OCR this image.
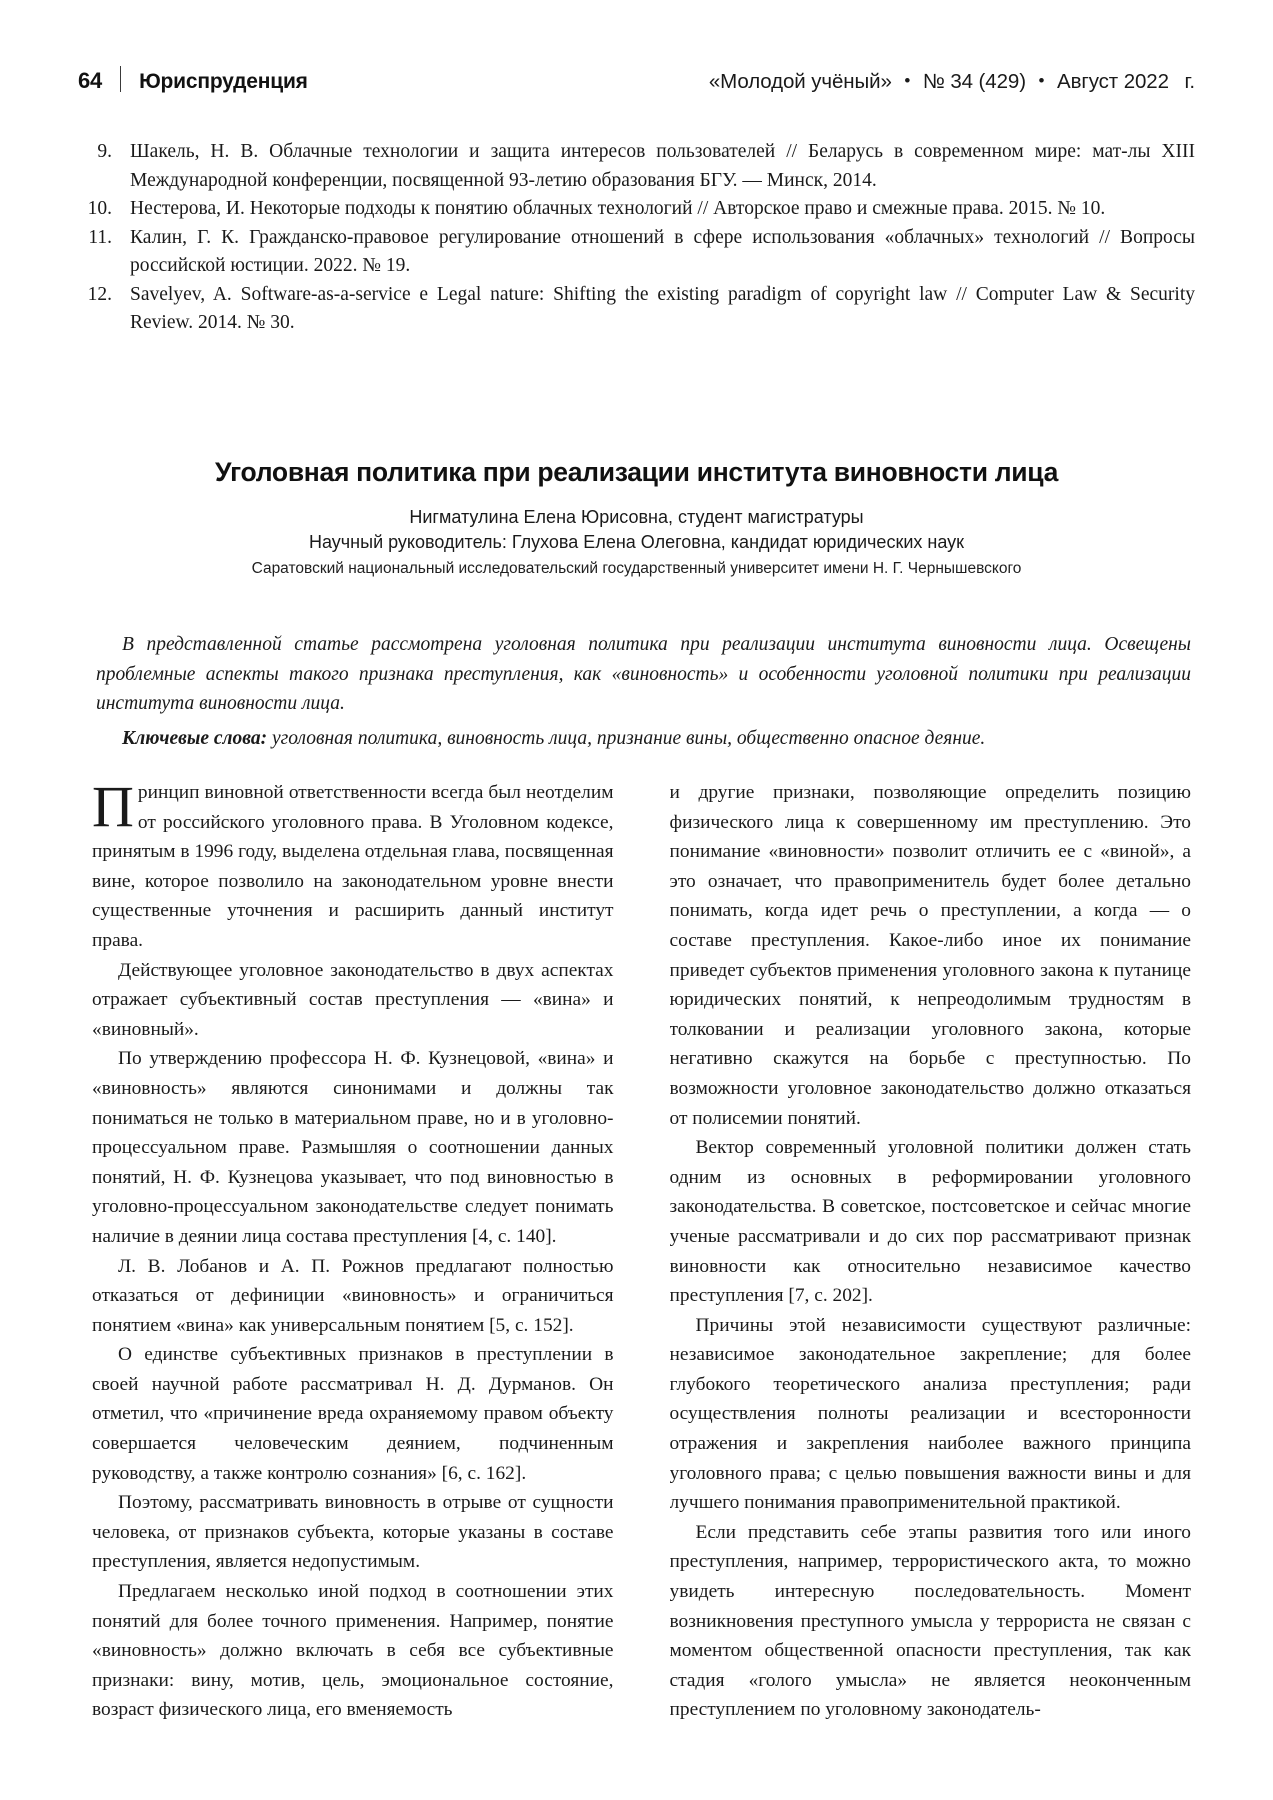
64 Юриспруденция	«Молодой учёный» • № 34 (429) • Август 2022 г.
9. Шакель, Н. В. Облачные технологии и защита интересов пользователей // Беларусь в современном мире: мат-лы XIII Международной конференции, посвященной 93-летию образования БГУ. — Минск, 2014.
10. Нестерова, И. Некоторые подходы к понятию облачных технологий // Авторское право и смежные права. 2015. № 10.
11. Калин, Г. К. Гражданско-правовое регулирование отношений в сфере использования «облачных» технологий // Вопросы российской юстиции. 2022. № 19.
12. Savelyev, A. Software-as-a-service e Legal nature: Shifting the existing paradigm of copyright law // Computer Law & Security Review. 2014. № 30.
Уголовная политика при реализации института виновности лица

Нигматулина Елена Юрисовна, студент магистратуры

Научный руководитель: Глухова Елена Олеговна, кандидат юридических наук

Саратовский национальный исследовательский государственный университет имени Н. Г. Чернышевского

В представленной статье рассмотрена уголовная политика при реализации института виновности лица. Освещены проблемные аспекты такого признака преступления, как «виновность» и особенности уголовной политики при реализации института виновности лица.

Ключевые слова: уголовная политика, виновность лица, признание вины, общественно опасное деяние.

Принцип виновной ответственности всегда был неотделим от российского уголовного права. В Уголовном кодексе, принятым в 1996 году, выделена отдельная глава, посвященная вине, которое позволило на законодательном уровне внести существенные уточнения и расширить данный институт права.

Действующее уголовное законодательство в двух аспектах отражает субъективный состав преступления — «вина» и «виновный».

По утверждению профессора Н. Ф. Кузнецовой, «вина» и «виновность» являются синонимами и должны так пониматься не только в материальном праве, но и в уголовно-процессуальном праве. Размышляя о соотношении данных понятий, Н. Ф. Кузнецова указывает, что под виновностью в уголовно-процессуальном законодательстве следует понимать наличие в деянии лица состава преступления [4, с. 140].

Л. В. Лобанов и А. П. Рожнов предлагают полностью отказаться от дефиниции «виновность» и ограничиться понятием «вина» как универсальным понятием [5, с. 152].

О единстве субъективных признаков в преступлении в своей научной работе рассматривал Н. Д. Дурманов. Он отметил, что «причинение вреда охраняемому правом объекту совершается человеческим деянием, подчиненным руководству, а также контролю сознания» [6, с. 162].

Поэтому, рассматривать виновность в отрыве от сущности человека, от признаков субъекта, которые указаны в составе преступления, является недопустимым.

Предлагаем несколько иной подход в соотношении этих понятий для более точного применения. Например, понятие «виновность» должно включать в себя все субъективные признаки: вину, мотив, цель, эмоциональное состояние, возраст физического лица, его вменяемость

и другие признаки, позволяющие определить позицию физического лица к совершенному им преступлению. Это понимание «виновности» позволит отличить ее с «виной», а это означает, что правоприменитель будет более детально понимать, когда идет речь о преступлении, а когда — о составе преступления. Какое-либо иное их понимание приведет субъектов применения уголовного закона к путанице юридических понятий, к непреодолимым трудностям в толковании и реализации уголовного закона, которые негативно скажутся на борьбе с преступностью. По возможности уголовное законодательство должно отказаться от полисемии понятий.

Вектор современный уголовной политики должен стать одним из основных в реформировании уголовного законодательства. В советское, постсоветское и сейчас многие ученые рассматривали и до сих пор рассматривают признак виновности как относительно независимое качество преступления [7, с. 202].

Причины этой независимости существуют различные: независимое законодательное закрепление; для более глубокого теоретического анализа преступления; ради осуществления полноты реализации и всесторонности отражения и закрепления наиболее важного принципа уголовного права; с целью повышения важности вины и для лучшего понимания правоприменительной практикой.

Если представить себе этапы развития того или иного преступления, например, террористического акта, то можно увидеть интересную последовательность. Момент возникновения преступного умысла у террориста не связан с моментом общественной опасности преступления, так как стадия «голого умысла» не является неоконченным преступлением по уголовному законодатель-
